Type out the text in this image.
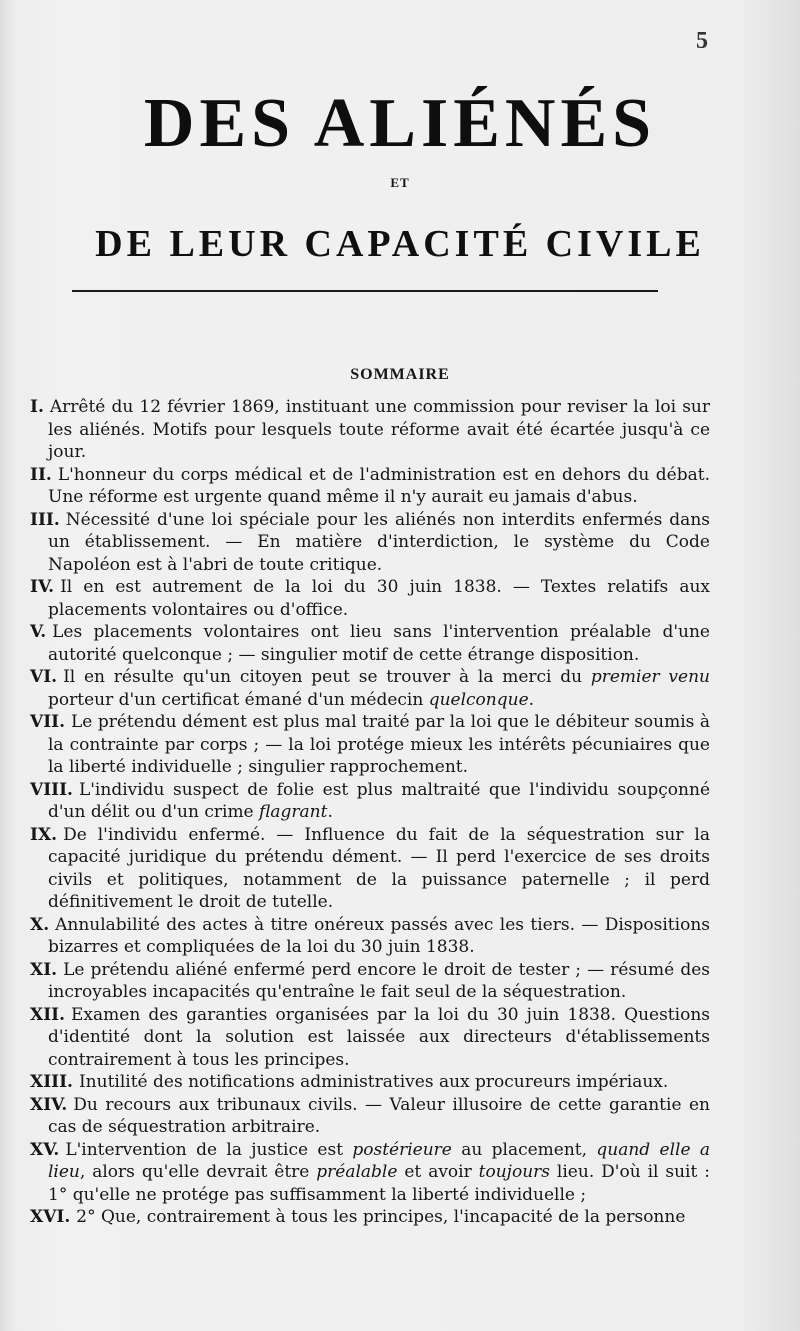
5
DES ALIÉNÉS
ET
DE LEUR CAPACITÉ CIVILE
SOMMAIRE
I. Arrêté du 12 février 1869, instituant une commission pour reviser la loi sur les aliénés. Motifs pour lesquels toute réforme avait été écartée jusqu'à ce jour.
II. L'honneur du corps médical et de l'administration est en dehors du débat. Une réforme est urgente quand même il n'y aurait eu jamais d'abus.
III. Nécessité d'une loi spéciale pour les aliénés non interdits enfermés dans un établissement. — En matière d'interdiction, le système du Code Napoléon est à l'abri de toute critique.
IV. Il en est autrement de la loi du 30 juin 1838. — Textes relatifs aux placements volontaires ou d'office.
V. Les placements volontaires ont lieu sans l'intervention préalable d'une autorité quelconque ; — singulier motif de cette étrange disposition.
VI. Il en résulte qu'un citoyen peut se trouver à la merci du premier venu porteur d'un certificat émané d'un médecin quelconque.
VII. Le prétendu dément est plus mal traité par la loi que le débiteur soumis à la contrainte par corps ; — la loi protége mieux les intérêts pécuniaires que la liberté individuelle ; singulier rapprochement.
VIII. L'individu suspect de folie est plus maltraité que l'individu soupçonné d'un délit ou d'un crime flagrant.
IX. De l'individu enfermé. — Influence du fait de la séquestration sur la capacité juridique du prétendu dément. — Il perd l'exercice de ses droits civils et politiques, notamment de la puissance paternelle ; il perd définitivement le droit de tutelle.
X. Annulabilité des actes à titre onéreux passés avec les tiers. — Dispositions bizarres et compliquées de la loi du 30 juin 1838.
XI. Le prétendu aliéné enfermé perd encore le droit de tester ; — résumé des incroyables incapacités qu'entraîne le fait seul de la séquestration.
XII. Examen des garanties organisées par la loi du 30 juin 1838. Questions d'identité dont la solution est laissée aux directeurs d'établissements contrairement à tous les principes.
XIII. Inutilité des notifications administratives aux procureurs impériaux.
XIV. Du recours aux tribunaux civils. — Valeur illusoire de cette garantie en cas de séquestration arbitraire.
XV. L'intervention de la justice est postérieure au placement, quand elle a lieu, alors qu'elle devrait être préalable et avoir toujours lieu. D'où il suit : 1° qu'elle ne protége pas suffisamment la liberté individuelle ;
XVI. 2° Que, contrairement à tous les principes, l'incapacité de la personne
